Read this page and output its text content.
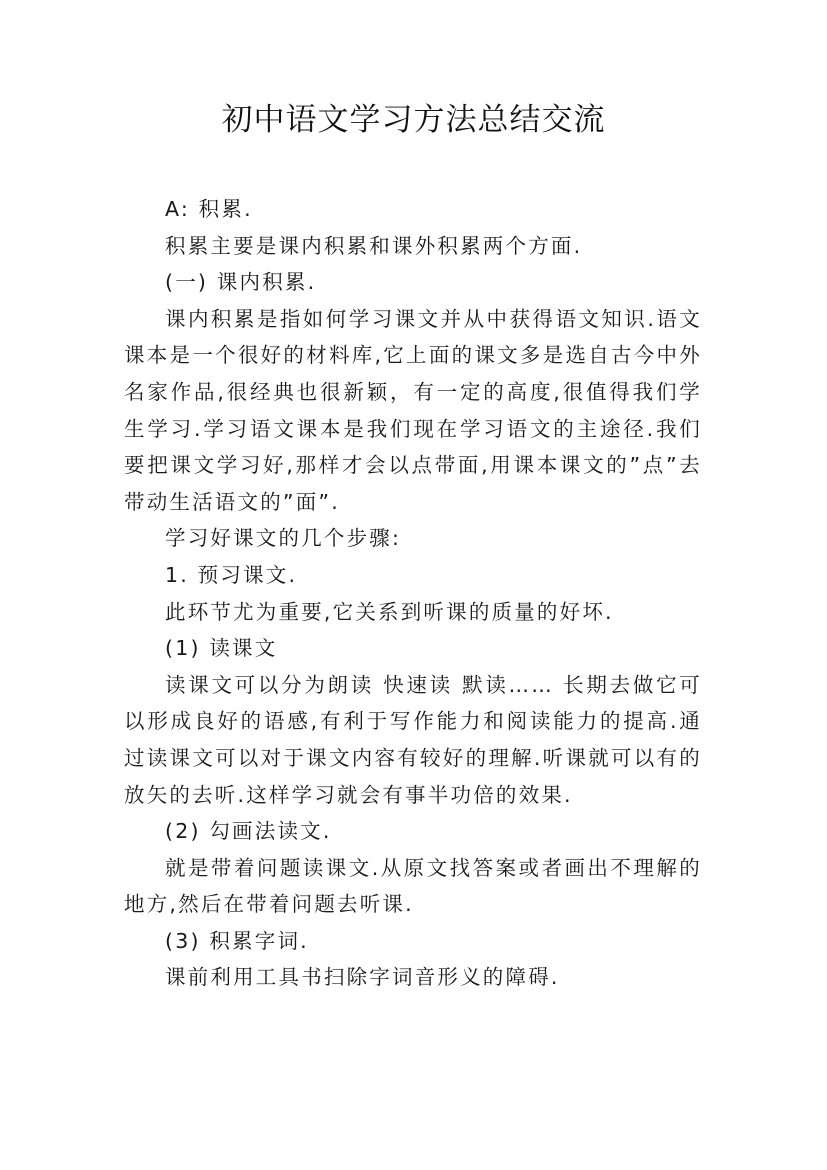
初中语文学习方法总结交流

A: 积累.

积累主要是课内积累和课外积累两个方面.

(一) 课内积累.

课内积累是指如何学习课文并从中获得语文知识.语文课本是一个很好的材料库,它上面的课文多是选自古今中外名家作品,很经典也很新颖，有一定的高度,很值得我们学生学习.学习语文课本是我们现在学习语文的主途径.我们要把课文学习好,那样才会以点带面,用课本课文的”点”去带动生活语文的”面”.

学习好课文的几个步骤:

1. 预习课文.

此环节尤为重要,它关系到听课的质量的好坏.

(1) 读课文

读课文可以分为朗读 快速读 默读…… 长期去做它可以形成良好的语感,有利于写作能力和阅读能力的提高.通过读课文可以对于课文内容有较好的理解.听课就可以有的放矢的去听.这样学习就会有事半功倍的效果.

(2) 勾画法读文.

就是带着问题读课文.从原文找答案或者画出不理解的地方,然后在带着问题去听课.

(3) 积累字词.

课前利用工具书扫除字词音形义的障碍.
